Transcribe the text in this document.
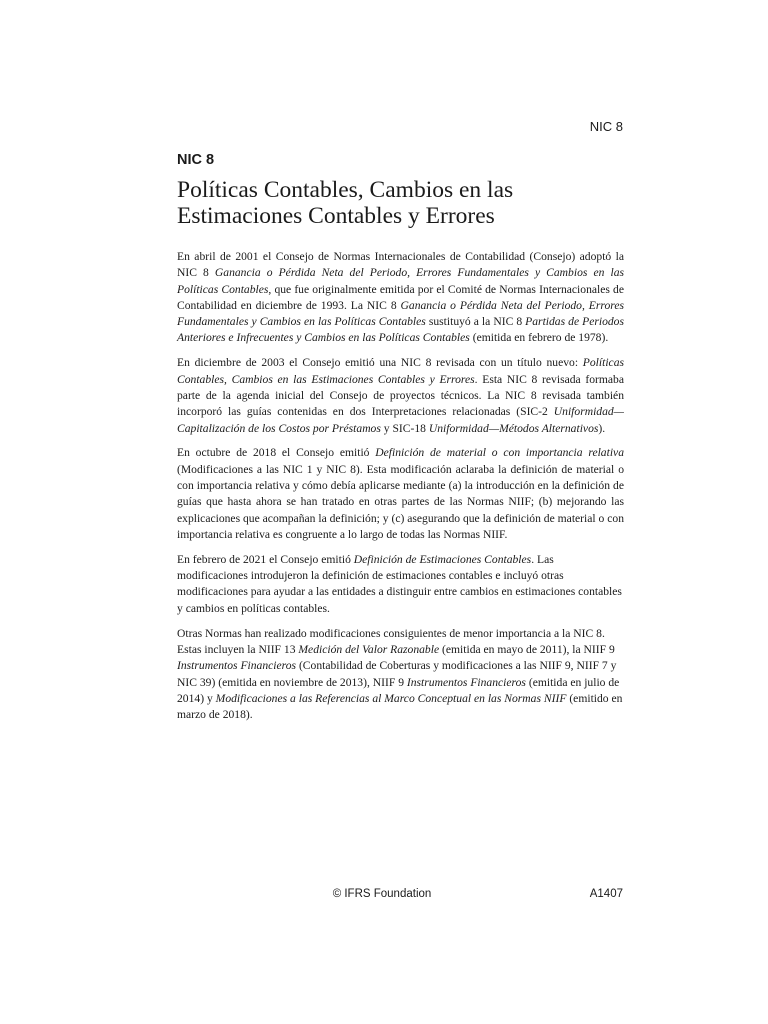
NIC 8
NIC 8
Políticas Contables, Cambios en las
Estimaciones Contables y Errores

En abril de 2001 el Consejo de Normas Internacionales de Contabilidad (Consejo) adoptó la NIC 8 Ganancia o Pérdida Neta del Periodo, Errores Fundamentales y Cambios en las Políticas Contables, que fue originalmente emitida por el Comité de Normas Internacionales de Contabilidad en diciembre de 1993. La NIC 8 Ganancia o Pérdida Neta del Periodo, Errores Fundamentales y Cambios en las Políticas Contables sustituyó a la NIC 8 Partidas de Periodos Anteriores e Infrecuentes y Cambios en las Políticas Contables (emitida en febrero de 1978).

En diciembre de 2003 el Consejo emitió una NIC 8 revisada con un título nuevo: Políticas Contables, Cambios en las Estimaciones Contables y Errores. Esta NIC 8 revisada formaba parte de la agenda inicial del Consejo de proyectos técnicos. La NIC 8 revisada también incorporó las guías contenidas en dos Interpretaciones relacionadas (SIC-2 Uniformidad—Capitalización de los Costos por Préstamos y SIC-18 Uniformidad—Métodos Alternativos).

En octubre de 2018 el Consejo emitió Definición de material o con importancia relativa (Modificaciones a las NIC 1 y NIC 8). Esta modificación aclaraba la definición de material o con importancia relativa y cómo debía aplicarse mediante (a) la introducción en la definición de guías que hasta ahora se han tratado en otras partes de las Normas NIIF; (b) mejorando las explicaciones que acompañan la definición; y (c) asegurando que la definición de material o con importancia relativa es congruente a lo largo de todas las Normas NIIF.

En febrero de 2021 el Consejo emitió Definición de Estimaciones Contables. Las modificaciones introdujeron la definición de estimaciones contables e incluyó otras modificaciones para ayudar a las entidades a distinguir entre cambios en estimaciones contables y cambios en políticas contables.

Otras Normas han realizado modificaciones consiguientes de menor importancia a la NIC 8. Estas incluyen la NIIF 13 Medición del Valor Razonable (emitida en mayo de 2011), la NIIF 9 Instrumentos Financieros (Contabilidad de Coberturas y modificaciones a las NIIF 9, NIIF 7 y NIC 39) (emitida en noviembre de 2013), NIIF 9 Instrumentos Financieros (emitida en julio de 2014) y Modificaciones a las Referencias al Marco Conceptual en las Normas NIIF (emitido en marzo de 2018).

© IFRS Foundation	A1407
